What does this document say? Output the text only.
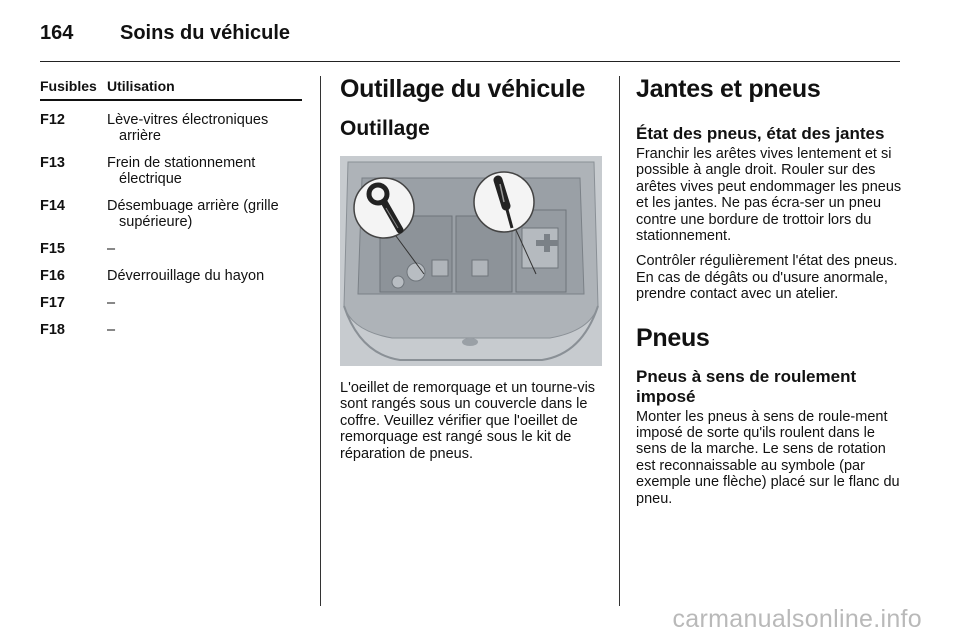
164 Soins du véhicule
Fusibles Utilisation
F12	Lève-vitres électroniques arrière
F13	Frein de stationnement électrique
F14	Désembuage arrière (grille supérieure)
F15	–
F16	Déverrouillage du hayon
F17	–
F18	–
Outillage du véhicule
Outillage
L'oeillet de remorquage et un tourne-vis sont rangés sous un couvercle dans le coffre. Veuillez vérifier que l'oeillet de remorquage est rangé sous le kit de réparation de pneus.
Jantes et pneus
État des pneus, état des jantes
Franchir les arêtes vives lentement et si possible à angle droit. Rouler sur des arêtes vives peut endommager les pneus et les jantes. Ne pas écra-ser un pneu contre une bordure de trottoir lors du stationnement.
Contrôler régulièrement l'état des pneus. En cas de dégâts ou d'usure anormale, prendre contact avec un atelier.
Pneus
Pneus à sens de roulement imposé
Monter les pneus à sens de roule-ment imposé de sorte qu'ils roulent dans le sens de la marche. Le sens de rotation est reconnaissable au symbole (par exemple une flèche) placé sur le flanc du pneu.
carmanualsonline.info
